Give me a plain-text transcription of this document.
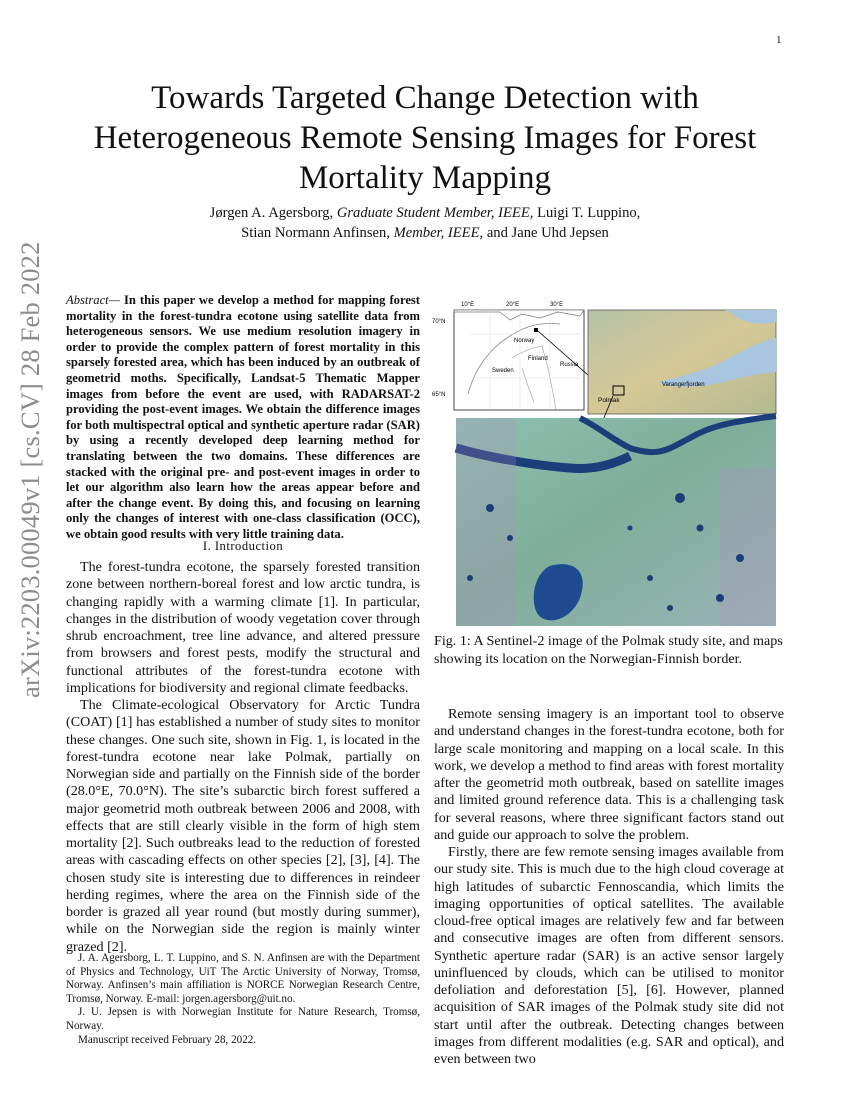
1
arXiv:2203.00049v1 [cs.CV] 28 Feb 2022
Towards Targeted Change Detection with Heterogeneous Remote Sensing Images for Forest Mortality Mapping
Jørgen A. Agersborg, Graduate Student Member, IEEE, Luigi T. Luppino,
Stian Normann Anfinsen, Member, IEEE, and Jane Uhd Jepsen

Abstract— In this paper we develop a method for mapping forest mortality in the forest-tundra ecotone using satellite data from heterogeneous sensors. We use medium resolution imagery in order to provide the complex pattern of forest mortality in this sparsely forested area, which has been induced by an outbreak of geometrid moths. Specifically, Landsat-5 Thematic Mapper images from before the event are used, with RADARSAT-2 providing the post-event images. We obtain the difference images for both multispectral optical and synthetic aperture radar (SAR) by using a recently developed deep learning method for translating between the two domains. These differences are stacked with the original pre- and post-event images in order to let our algorithm also learn how the areas appear before and after the change event. By doing this, and focusing on learning only the changes of interest with one-class classification (OCC), we obtain good results with very little training data.

I. Introduction

The forest-tundra ecotone, the sparsely forested transition zone between northern-boreal forest and low arctic tundra, is changing rapidly with a warming climate [1]. In particular, changes in the distribution of woody vegetation cover through shrub encroachment, tree line advance, and altered pressure from browsers and forest pests, modify the structural and functional attributes of the forest-tundra ecotone with implications for biodiversity and regional climate feedbacks.

The Climate-ecological Observatory for Arctic Tundra (COAT) [1] has established a number of study sites to monitor these changes. One such site, shown in Fig. 1, is located in the forest-tundra ecotone near lake Polmak, partially on Norwegian side and partially on the Finnish side of the border (28.0°E, 70.0°N). The site’s subarctic birch forest suffered a major geometrid moth outbreak between 2006 and 2008, with effects that are still clearly visible in the form of high stem mortality [2]. Such outbreaks lead to the reduction of forested areas with cascading effects on other species [2], [3], [4]. The chosen study site is interesting due to differences in reindeer herding regimes, where the area on the Finnish side of the border is grazed all year round (but mostly during summer), while on the Norwegian side the region is mainly winter grazed [2].

J. A. Agersborg, L. T. Luppino, and S. N. Anfinsen are with the Department of Physics and Technology, UiT The Arctic University of Norway, Tromsø, Norway. Anfinsen’s main affiliation is NORCE Norwegian Research Centre, Tromsø, Norway. E-mail: jorgen.agersborg@uit.no.

J. U. Jepsen is with Norwegian Institute for Nature Research, Tromsø, Norway.

Manuscript received February 28, 2022.

Norway
Sweden
Finland
Russia
10°E	20°E	30°E
70°N
65°N
Varangerfjorden
Polmak
Fig. 1: A Sentinel-2 image of the Polmak study site, and maps showing its location on the Norwegian-Finnish border.

Remote sensing imagery is an important tool to observe and understand changes in the forest-tundra ecotone, both for large scale monitoring and mapping on a local scale. In this work, we develop a method to find areas with forest mortality after the geometrid moth outbreak, based on satellite images and limited ground reference data. This is a challenging task for several reasons, where three significant factors stand out and guide our approach to solve the problem.

Firstly, there are few remote sensing images available from our study site. This is much due to the high cloud coverage at high latitudes of subarctic Fennoscandia, which limits the imaging opportunities of optical satellites. The available cloud-free optical images are relatively few and far between and consecutive images are often from different sensors. Synthetic aperture radar (SAR) is an active sensor largely uninfluenced by clouds, which can be utilised to monitor defoliation and deforestation [5], [6]. However, planned acquisition of SAR images of the Polmak study site did not start until after the outbreak. Detecting changes between images from different modalities (e.g. SAR and optical), and even between two
